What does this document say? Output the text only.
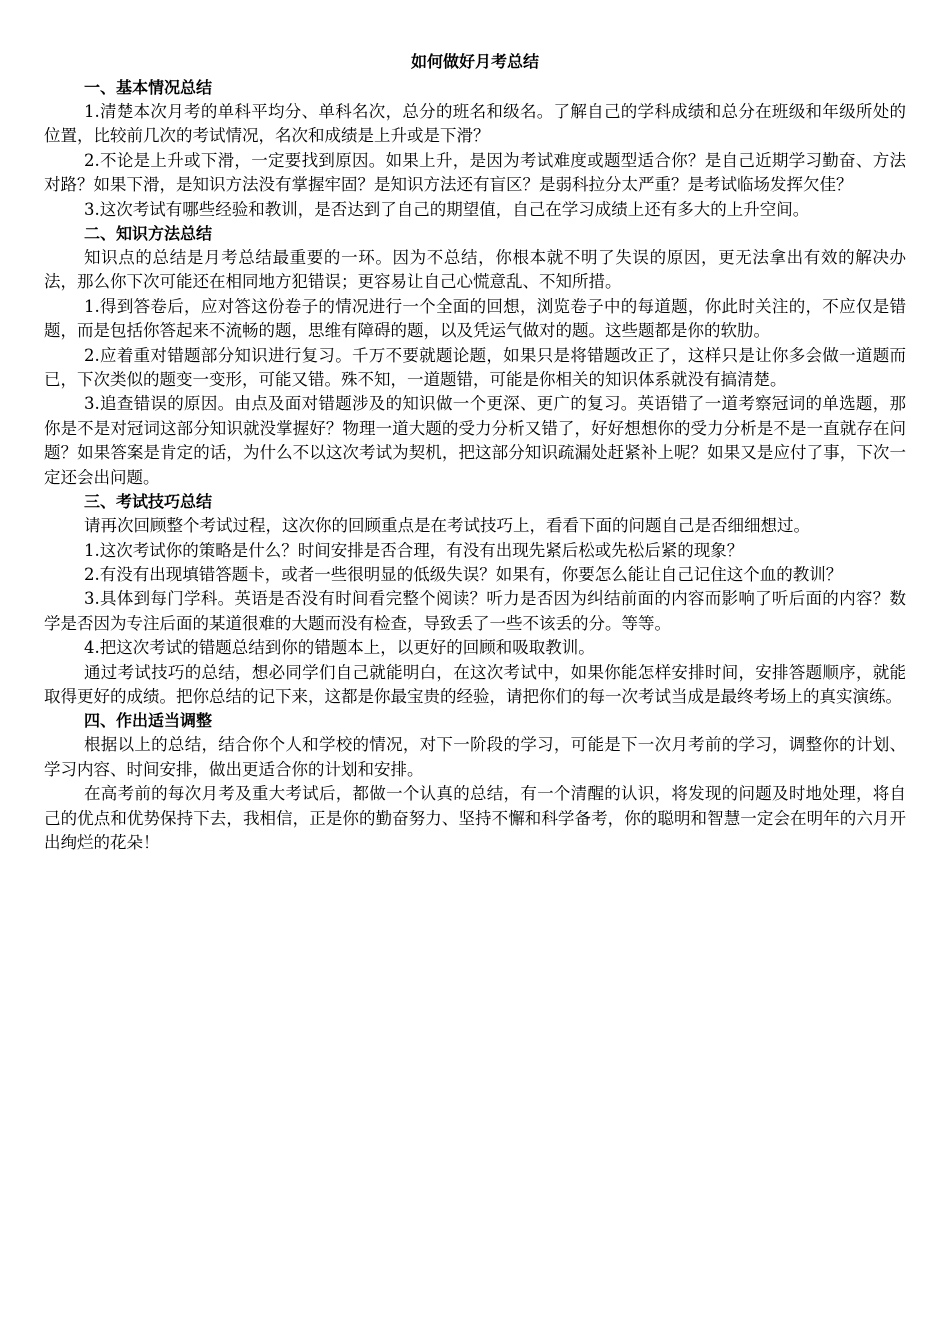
如何做好月考总结
一、基本情况总结

1.清楚本次月考的单科平均分、单科名次，总分的班名和级名。了解自己的学科成绩和总分在班级和年级所处的位置，比较前几次的考试情况，名次和成绩是上升或是下滑？

2.不论是上升或下滑，一定要找到原因。如果上升，是因为考试难度或题型适合你？是自己近期学习勤奋、方法对路？如果下滑，是知识方法没有掌握牢固？是知识方法还有盲区？是弱科拉分太严重？是考试临场发挥欠佳？

3.这次考试有哪些经验和教训，是否达到了自己的期望值，自己在学习成绩上还有多大的上升空间。

二、知识方法总结

知识点的总结是月考总结最重要的一环。因为不总结，你根本就不明了失误的原因，更无法拿出有效的解决办法，那么你下次可能还在相同地方犯错误；更容易让自己心慌意乱、不知所措。

1.得到答卷后，应对答这份卷子的情况进行一个全面的回想，浏览卷子中的每道题，你此时关注的，不应仅是错题，而是包括你答起来不流畅的题，思维有障碍的题，以及凭运气做对的题。这些题都是你的软肋。

2.应着重对错题部分知识进行复习。千万不要就题论题，如果只是将错题改正了，这样只是让你多会做一道题而已，下次类似的题变一变形，可能又错。殊不知，一道题错，可能是你相关的知识体系就没有搞清楚。

3.追查错误的原因。由点及面对错题涉及的知识做一个更深、更广的复习。英语错了一道考察冠词的单选题，那你是不是对冠词这部分知识就没掌握好？物理一道大题的受力分析又错了，好好想想你的受力分析是不是一直就存在问题？如果答案是肯定的话，为什么不以这次考试为契机，把这部分知识疏漏处赶紧补上呢？如果又是应付了事，下次一定还会出问题。

三、考试技巧总结

请再次回顾整个考试过程，这次你的回顾重点是在考试技巧上，看看下面的问题自己是否细细想过。

1.这次考试你的策略是什么？时间安排是否合理，有没有出现先紧后松或先松后紧的现象？

2.有没有出现填错答题卡，或者一些很明显的低级失误？如果有，你要怎么能让自己记住这个血的教训？

3.具体到每门学科。英语是否没有时间看完整个阅读？听力是否因为纠结前面的内容而影响了听后面的内容？数学是否因为专注后面的某道很难的大题而没有检查，导致丢了一些不该丢的分。等等。

4.把这次考试的错题总结到你的错题本上，以更好的回顾和吸取教训。

通过考试技巧的总结，想必同学们自己就能明白，在这次考试中，如果你能怎样安排时间，安排答题顺序，就能取得更好的成绩。把你总结的记下来，这都是你最宝贵的经验，请把你们的每一次考试当成是最终考场上的真实演练。

四、作出适当调整

根据以上的总结，结合你个人和学校的情况，对下一阶段的学习，可能是下一次月考前的学习，调整你的计划、学习内容、时间安排，做出更适合你的计划和安排。

在高考前的每次月考及重大考试后，都做一个认真的总结，有一个清醒的认识，将发现的问题及时地处理，将自己的优点和优势保持下去，我相信，正是你的勤奋努力、坚持不懈和科学备考，你的聪明和智慧一定会在明年的六月开出绚烂的花朵！
